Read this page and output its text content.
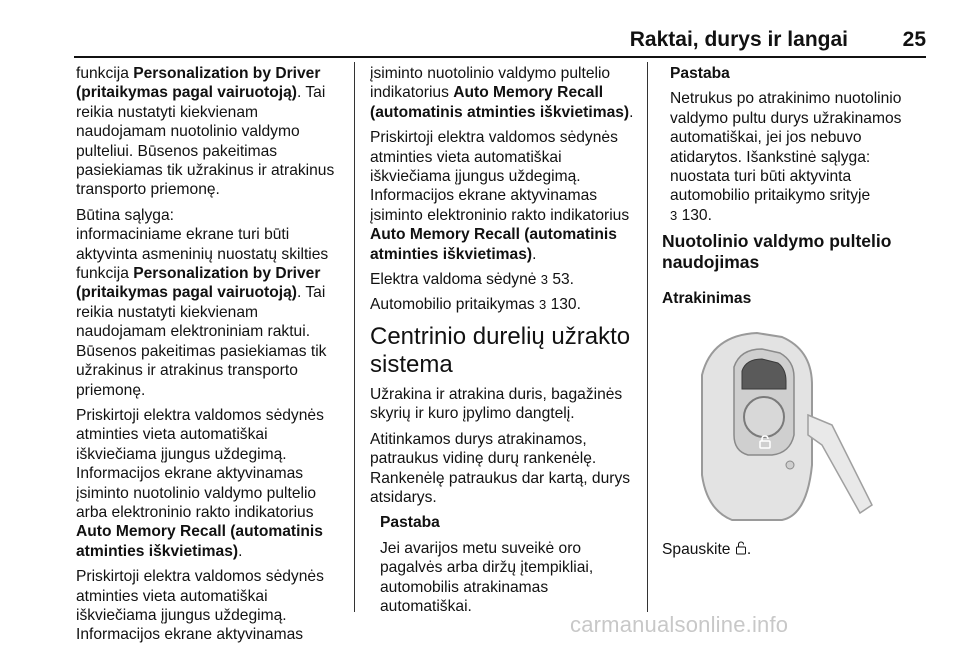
Raktai, durys ir langai	25

funkcija Personalization by Driver (pritaikymas pagal vairuotoją). Tai reikia nustatyti kiekvienam naudojamam nuotolinio valdymo pulteliui. Būsenos pakeitimas pasiekiamas tik užrakinus ir atrakinus transporto priemonę.

Būtina sąlyga:
informaciniame ekrane turi būti aktyvinta asmeninių nuostatų skilties funkcija Personalization by Driver (pritaikymas pagal vairuotoją). Tai reikia nustatyti kiekvienam naudojamam elektroniniam raktui. Būsenos pakeitimas pasiekiamas tik užrakinus ir atrakinus transporto priemonę.

Priskirtoji elektra valdomos sėdynės atminties vieta automatiškai iškviečiama įjungus uždegimą. Informacijos ekrane aktyvinamas įsiminto nuotolinio valdymo pultelio arba elektroninio rakto indikatorius Auto Memory Recall (automatinis atminties iškvietimas).

Priskirtoji elektra valdomos sėdynės atminties vieta automatiškai iškviečiama įjungus uždegimą. Informacijos ekrane aktyvinamas

įsiminto nuotolinio valdymo pultelio indikatorius Auto Memory Recall (automatinis atminties iškvietimas).

Priskirtoji elektra valdomos sėdynės atminties vieta automatiškai iškviečiama įjungus uždegimą. Informacijos ekrane aktyvinamas įsiminto elektroninio rakto indikatorius Auto Memory Recall (automatinis atminties iškvietimas).

Elektra valdoma sėdynė 3 53.

Automobilio pritaikymas 3 130.

Centrinio durelių užrakto sistema

Užrakina ir atrakina duris, bagažinės skyrių ir kuro įpylimo dangtelį.

Atitinkamos durys atrakinamos, patraukus vidinę durų rankenėlę. Rankenėlę patraukus dar kartą, durys atsidarys.

Pastaba

Jei avarijos metu suveikė oro pagalvės arba diržų įtempikliai, automobilis atrakinamas automatiškai.

Pastaba

Netrukus po atrakinimo nuotolinio valdymo pultu durys užrakinamos automatiškai, jei jos nebuvo atidarytos. Išankstinė sąlyga: nuostata turi būti aktyvinta automobilio pritaikymo srityje
3 130.

Nuotolinio valdymo pultelio naudojimas
Atrakinimas

Spauskite .

carmanualsonline.info
